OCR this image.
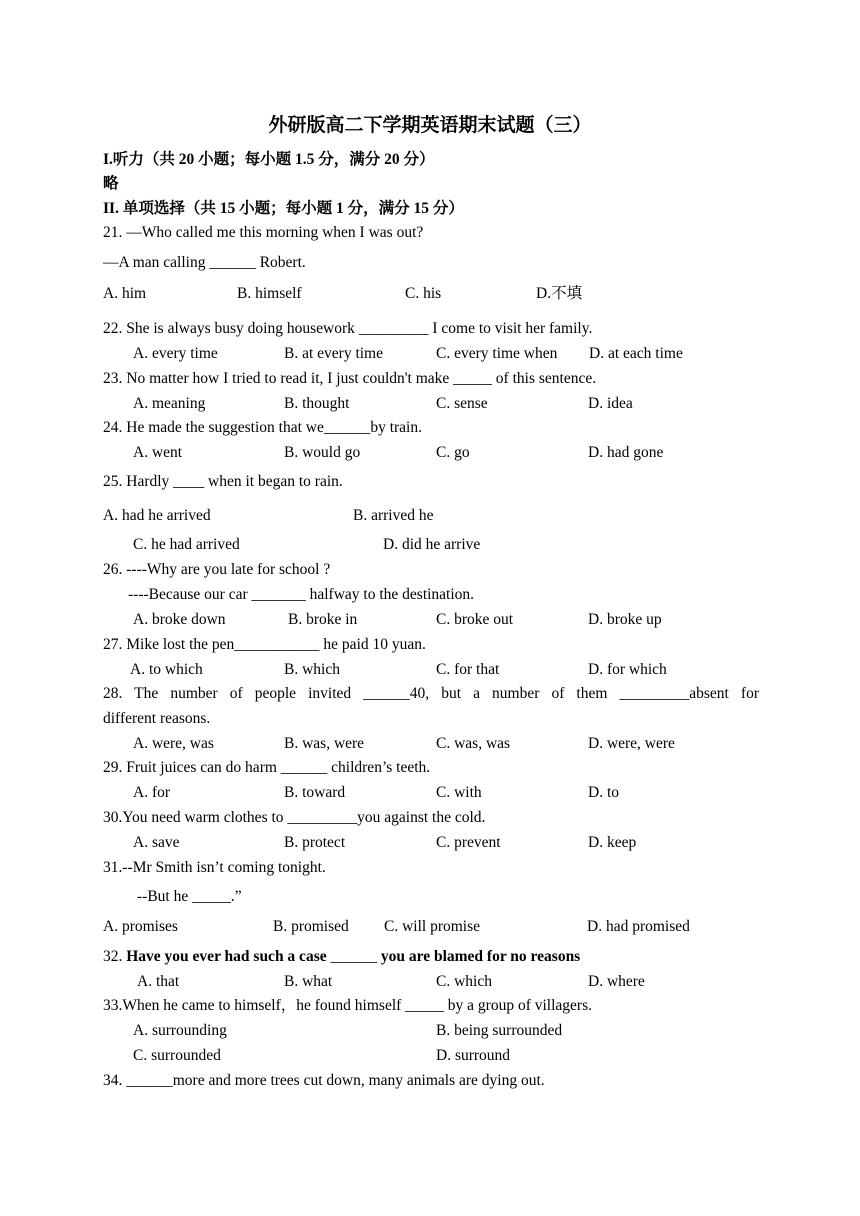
外研版高二下学期英语期末试题（三）
I.听力（共 20 小题；每小题 1.5 分，满分 20 分）
略
II. 单项选择（共 15 小题；每小题 1 分，满分 15 分）
21. —Who called me this morning when I was out?
—A man calling ______ Robert.
A. him	B. himself	C. his	D.不填
22. She is always busy doing housework _________ I come to visit her family.
A. every time	B. at every time	C. every time when D. at each time
23. No matter how I tried to read it, I just couldn't make _____ of this sentence.
A. meaning	B. thought	C. sense	D. idea
24. He made the suggestion that we______by train.
A. went	B. would go	C. go	D. had gone
25. Hardly ____ when it began to rain.
A. had he arrived	B. arrived he
C. he had arrived	D. did he arrive
26. ----Why are you late for school ?
----Because our car _______ halfway to the destination.
A. broke down	B. broke in	C. broke out	D. broke up
27. Mike lost the pen___________ he paid 10 yuan.
A. to which	B. which	C. for that	D. for which
28. The number of people invited ______40, but a number of them _________absent for
different reasons.
A. were, was	B. was, were	C. was, was	D. were, were
29. Fruit juices can do harm ______ children’s teeth.
A. for	B. toward	C. with	D. to
30.You need warm clothes to _________you against the cold.
A. save	B. protect	C. prevent	D. keep
31.--Mr Smith isn’t coming tonight.
--But he _____.”
A. promises	B. promised C. will promise	D. had promised
32. Have you ever had such a case ______ you are blamed for no reasons
A. that	B. what	C. which	D. where
33.When he came to himself，he found himself _____ by a group of villagers.
A. surrounding	B. being surrounded
C. surrounded	D. surround
34. ______more and more trees cut down, many animals are dying out.
